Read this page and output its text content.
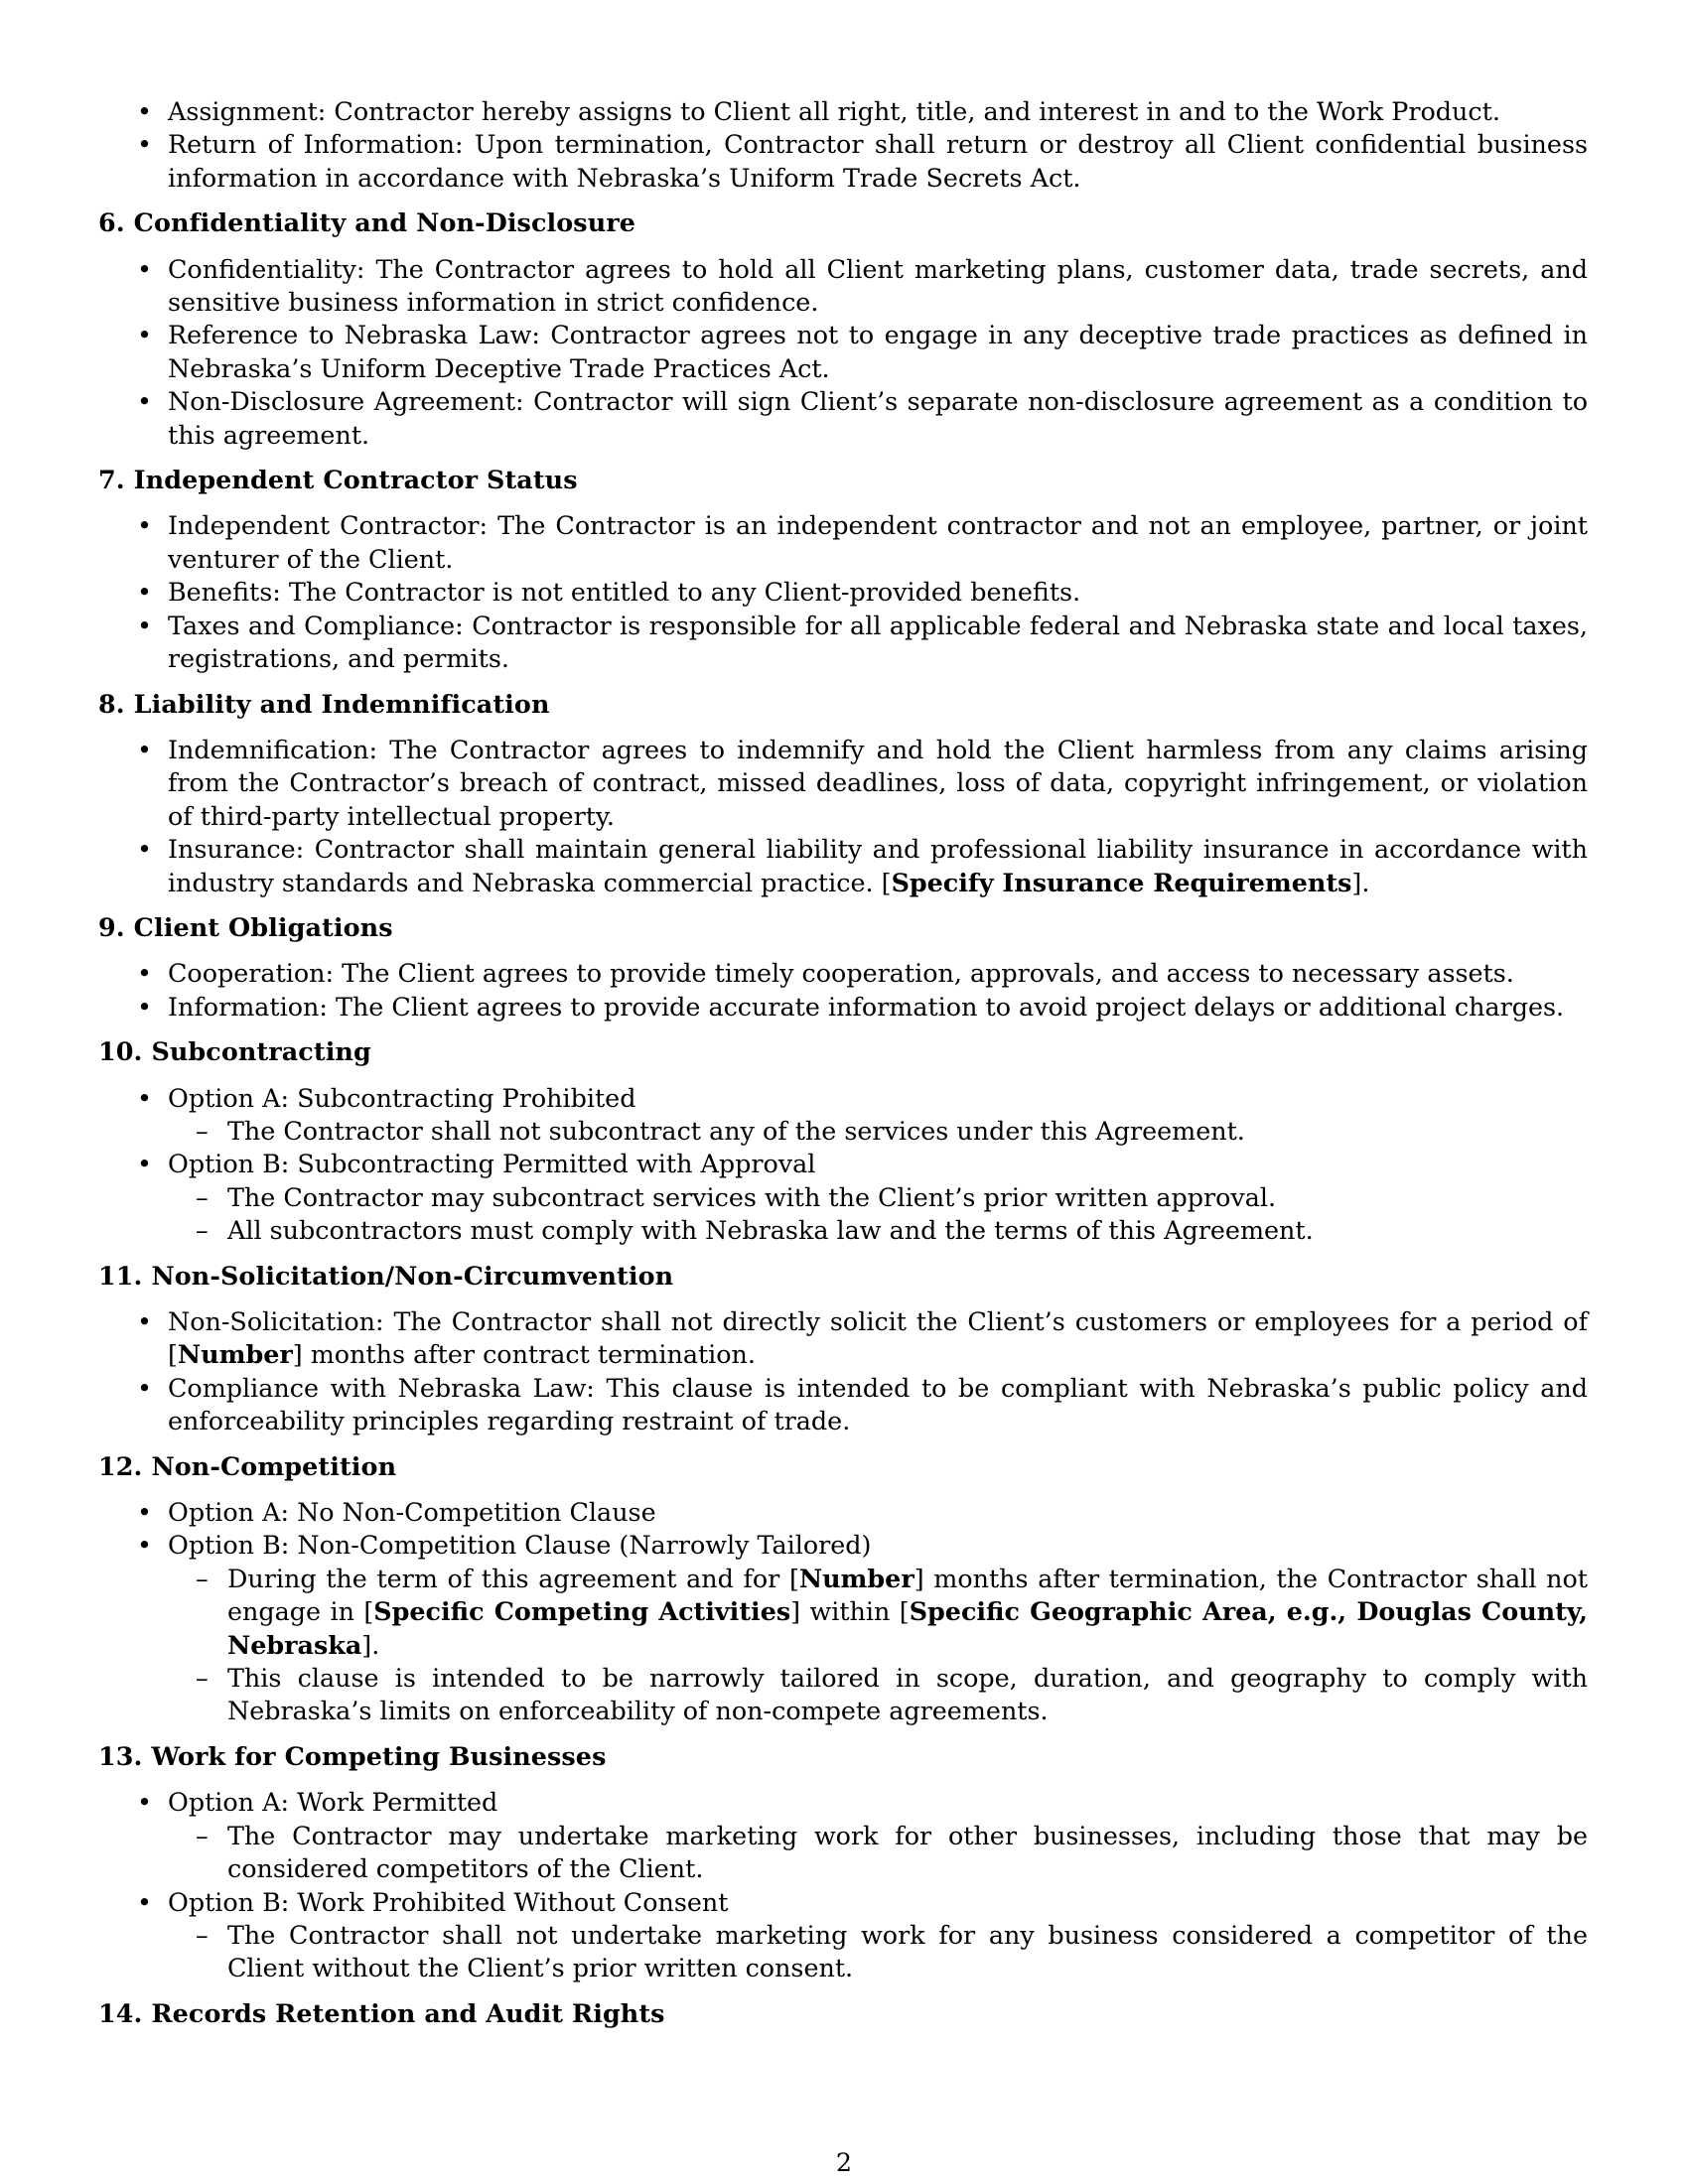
• Assignment: Contractor hereby assigns to Client all right, title, and interest in and to the Work Product.
• Return of Information: Upon termination, Contractor shall return or destroy all Client confidential business information in accordance with Nebraska’s Uniform Trade Secrets Act.
6. Confidentiality and Non-Disclosure
• Confidentiality: The Contractor agrees to hold all Client marketing plans, customer data, trade secrets, and sensitive business information in strict confidence.
• Reference to Nebraska Law: Contractor agrees not to engage in any deceptive trade practices as defined in Nebraska’s Uniform Deceptive Trade Practices Act.
• Non-Disclosure Agreement: Contractor will sign Client’s separate non-disclosure agreement as a condition to this agreement.
7. Independent Contractor Status
• Independent Contractor: The Contractor is an independent contractor and not an employee, partner, or joint venturer of the Client.
• Benefits: The Contractor is not entitled to any Client-provided benefits.
• Taxes and Compliance: Contractor is responsible for all applicable federal and Nebraska state and local taxes, registrations, and permits.
8. Liability and Indemnification
• Indemnification: The Contractor agrees to indemnify and hold the Client harmless from any claims arising from the Contractor’s breach of contract, missed deadlines, loss of data, copyright infringement, or violation of third-party intellectual property.
• Insurance: Contractor shall maintain general liability and professional liability insurance in accordance with industry standards and Nebraska commercial practice. [Specify Insurance Requirements].
9. Client Obligations
• Cooperation: The Client agrees to provide timely cooperation, approvals, and access to necessary assets.
• Information: The Client agrees to provide accurate information to avoid project delays or additional charges.
10. Subcontracting
• Option A: Subcontracting Prohibited
– The Contractor shall not subcontract any of the services under this Agreement.
• Option B: Subcontracting Permitted with Approval
– The Contractor may subcontract services with the Client’s prior written approval.
– All subcontractors must comply with Nebraska law and the terms of this Agreement.
11. Non-Solicitation/Non-Circumvention
• Non-Solicitation: The Contractor shall not directly solicit the Client’s customers or employees for a period of [Number] months after contract termination.
• Compliance with Nebraska Law: This clause is intended to be compliant with Nebraska’s public policy and enforceability principles regarding restraint of trade.
12. Non-Competition
• Option A: No Non-Competition Clause
• Option B: Non-Competition Clause (Narrowly Tailored)
– During the term of this agreement and for [Number] months after termination, the Contractor shall not engage in [Specific Competing Activities] within [Specific Geographic Area, e.g., Douglas County, Nebraska].
– This clause is intended to be narrowly tailored in scope, duration, and geography to comply with Nebraska’s limits on enforceability of non-compete agreements.
13. Work for Competing Businesses
• Option A: Work Permitted
– The Contractor may undertake marketing work for other businesses, including those that may be considered competitors of the Client.
• Option B: Work Prohibited Without Consent
– The Contractor shall not undertake marketing work for any business considered a competitor of the Client without the Client’s prior written consent.
14. Records Retention and Audit Rights
2
